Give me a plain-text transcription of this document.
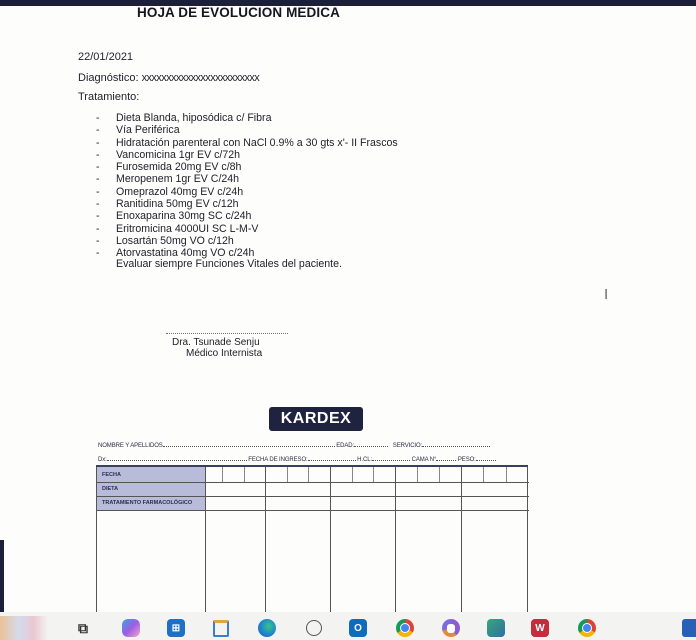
HOJA DE EVOLUCION MEDICA
22/01/2021
Diagnóstico: xxxxxxxxxxxxxxxxxxxxxxxx
Tratamiento:
-	Dieta Blanda, hiposódica c/ Fibra
-	Vía Periférica
-	Hidratación parenteral con NaCl 0.9% a 30 gts x'- II Frascos
-	Vancomicina 1gr EV c/72h
-	Furosemida 20mg EV c/8h
-	Meropenem 1gr EV C/24h
-	Omeprazol 40mg EV c/24h
-	Ranitidina 50mg EV c/12h
-	Enoxaparina 30mg SC c/24h
-	Eritromicina 4000UI SC L-M-V
-	Losartán 50mg VO c/12h
-	Atorvastatina 40mg VO c/24h
Evaluar siempre Funciones Vitales del paciente.
Dra. Tsunade Senju
Médico Internista
I
KARDEX
NOMBRE Y APELLIDOS	EDAD:	SERVICIO:
Dx:	FECHA DE INGRESO:	H.CL:	CAMA N°	PESO:
FECHA
DIETA
TRATAMIENTO FARMACOLÓGICO
⧉	⊞	O	W
